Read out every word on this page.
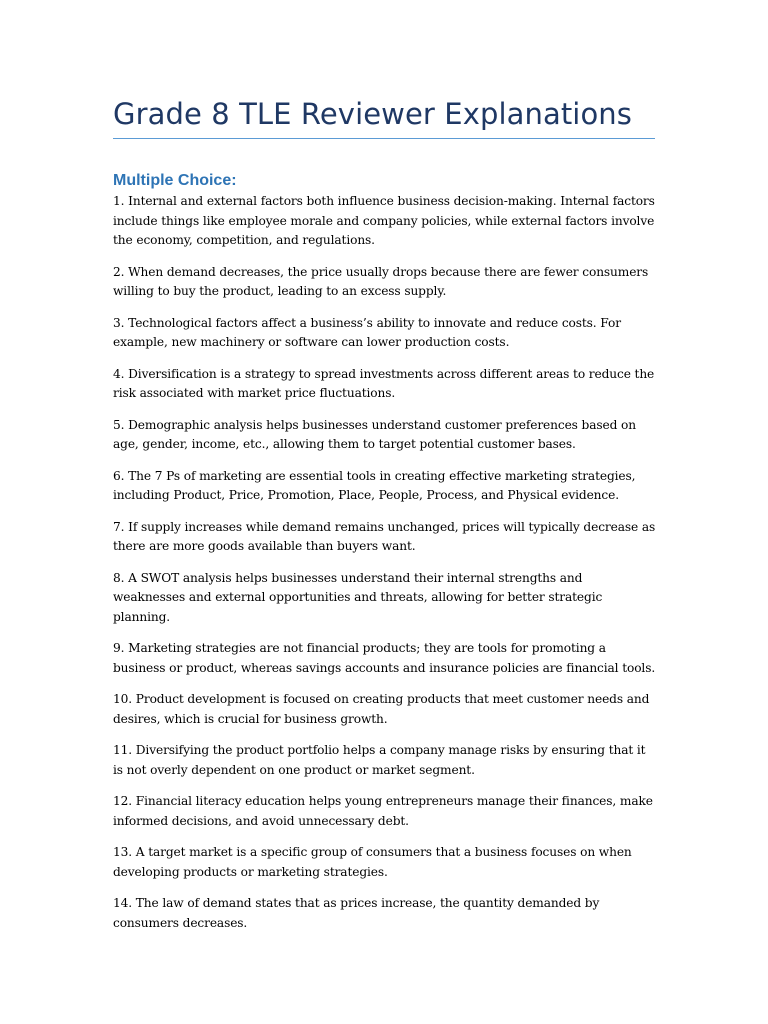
Grade 8 TLE Reviewer Explanations
Multiple Choice:

1. Internal and external factors both influence business decision-making. Internal factors include things like employee morale and company policies, while external factors involve the economy, competition, and regulations.

2. When demand decreases, the price usually drops because there are fewer consumers willing to buy the product, leading to an excess supply.

3. Technological factors affect a business’s ability to innovate and reduce costs. For example, new machinery or software can lower production costs.

4. Diversification is a strategy to spread investments across different areas to reduce the risk associated with market price fluctuations.

5. Demographic analysis helps businesses understand customer preferences based on age, gender, income, etc., allowing them to target potential customer bases.

6. The 7 Ps of marketing are essential tools in creating effective marketing strategies, including Product, Price, Promotion, Place, People, Process, and Physical evidence.

7. If supply increases while demand remains unchanged, prices will typically decrease as there are more goods available than buyers want.

8. A SWOT analysis helps businesses understand their internal strengths and weaknesses and external opportunities and threats, allowing for better strategic planning.

9. Marketing strategies are not financial products; they are tools for promoting a business or product, whereas savings accounts and insurance policies are financial tools.

10. Product development is focused on creating products that meet customer needs and desires, which is crucial for business growth.

11. Diversifying the product portfolio helps a company manage risks by ensuring that it is not overly dependent on one product or market segment.

12. Financial literacy education helps young entrepreneurs manage their finances, make informed decisions, and avoid unnecessary debt.

13. A target market is a specific group of consumers that a business focuses on when developing products or marketing strategies.

14. The law of demand states that as prices increase, the quantity demanded by consumers decreases.
